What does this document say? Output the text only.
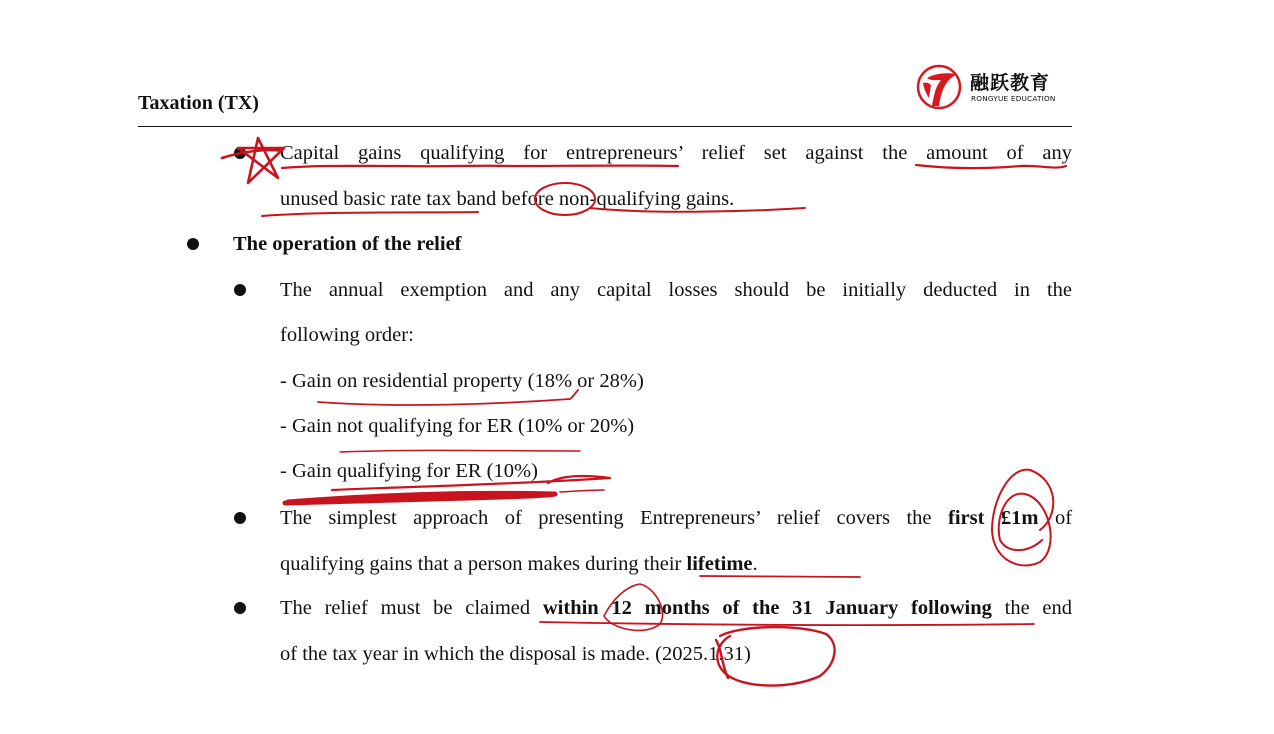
Taxation (TX)
融跃教育
RONGYUE EDUCATION
Capital gains qualifying for entrepreneurs’ relief set against the amount of any
unused basic rate tax band before non-qualifying gains.
The operation of the relief
The annual exemption and any capital losses should be initially deducted in the
following order:
- Gain on residential property (18% or 28%)
- Gain not qualifying for ER (10% or 20%)
- Gain qualifying for ER (10%)
The simplest approach of presenting Entrepreneurs’ relief covers the first £1m of
qualifying gains that a person makes during their lifetime.
The relief must be claimed within 12 months of the 31 January following the end
of the tax year in which the disposal is made. (2025.1.31)
